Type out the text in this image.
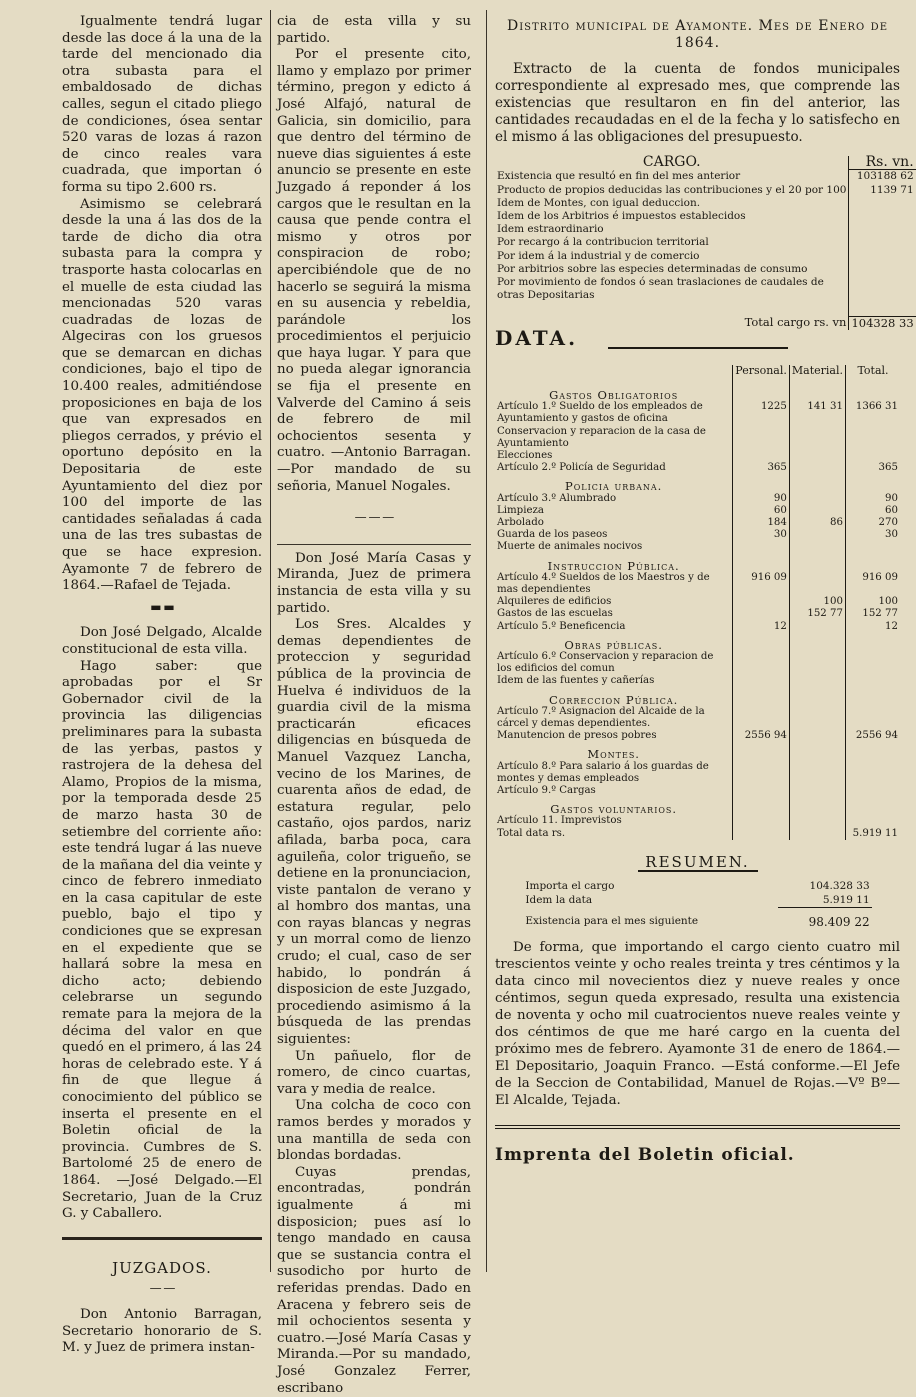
Igualmente tendrá lugar desde las doce á la una de la tarde del mencionado dia otra subasta para el embaldosado de dichas calles, segun el citado pliego de condiciones, ósea sentar 520 varas de lozas á razon de cinco reales vara cuadrada, que importan ó forma su tipo 2.600 rs.

Asimismo se celebrará desde la una á las dos de la tarde de dicho dia otra subasta para la compra y trasporte hasta colocarlas en el muelle de esta ciudad las mencionadas 520 varas cuadradas de lozas de Algeciras con los gruesos que se demarcan en dichas condiciones, bajo el tipo de 10.400 reales, admitiéndose proposiciones en baja de los que van expresados en pliegos cerrados, y prévio el oportuno depósito en la Depositaria de este Ayuntamiento del diez por 100 del importe de las cantidades señaladas á cada una de las tres subastas de que se hace expresion. Ayamonte 7 de febrero de 1864.—Rafael de Tejada.

▬ ▬

Don José Delgado, Alcalde constitucional de esta villa.

Hago saber: que aprobadas por el Sr Gobernador civil de la provincia las diligencias preliminares para la subasta de las yerbas, pastos y rastrojera de la dehesa del Alamo, Propios de la misma, por la temporada desde 25 de marzo hasta 30 de setiembre del corriente año: este tendrá lugar á las nueve de la mañana del dia veinte y cinco de febrero inmediato en la casa capitular de este pueblo, bajo el tipo y condiciones que se expresan en el expediente que se hallará sobre la mesa en dicho acto; debiendo celebrarse un segundo remate para la mejora de la décima del valor en que quedó en el primero, á las 24 horas de celebrado este. Y á fin de que llegue á conocimiento del público se inserta el presente en el Boletin oficial de la provincia. Cumbres de S. Bartolomé 25 de enero de 1864. —José Delgado.—El Secretario, Juan de la Cruz G. y Caballero.

JUZGADOS.

— —

Don Antonio Barragan, Secretario honorario de S. M. y Juez de primera instan-

cia de esta villa y su partido.

Por el presente cito, llamo y emplazo por primer término, pregon y edicto á José Alfajó, natural de Galicia, sin domicilio, para que dentro del término de nueve dias siguientes á este anuncio se presente en este Juzgado á reponder á los cargos que le resultan en la causa que pende contra el mismo y otros por conspiracion de robo; apercibiéndole que de no hacerlo se seguirá la misma en su ausencia y rebeldia, parándole los procedimientos el perjuicio que haya lugar. Y para que no pueda alegar ignorancia se fija el presente en Valverde del Camino á seis de febrero de mil ochocientos sesenta y cuatro. —Antonio Barragan.—Por mandado de su señoria, Manuel Nogales.

— — —

Don José María Casas y Miranda, Juez de primera instancia de esta villa y su partido.

Los Sres. Alcaldes y demas dependientes de proteccion y seguridad pública de la provincia de Huelva é individuos de la guardia civil de la misma practicarán eficaces diligencias en búsqueda de Manuel Vazquez Lancha, vecino de los Marines, de cuarenta años de edad, de estatura regular, pelo castaño, ojos pardos, nariz afilada, barba poca, cara aguileña, color trigueño, se detiene en la pronunciacion, viste pantalon de verano y al hombro dos mantas, una con rayas blancas y negras y un morral como de lienzo crudo; el cual, caso de ser habido, lo pondrán á disposicion de este Juzgado, procediendo asimismo á la búsqueda de las prendas siguientes:

Un pañuelo, flor de romero, de cinco cuartas, vara y media de realce.

Una colcha de coco con ramos berdes y morados y una mantilla de seda con blondas bordadas.

Cuyas prendas, encontradas, pondrán igualmente á mi disposicion; pues así lo tengo mandado en causa que se sustancia contra el susodicho por hurto de referidas prendas. Dado en Aracena y febrero seis de mil ochocientos sesenta y cuatro.—José María Casas y Miranda.—Por su mandado, José Gonzalez Ferrer, escribano

Distrito municipal de Ayamonte. Mes de Enero de 1864.

Extracto de la cuenta de fondos municipales correspondiente al expresado mes, que comprende las existencias que resultaron en fin del anterior, las cantidades recaudadas en el de la fecha y lo satisfecho en el mismo á las obligaciones del presupuesto.

CARGO.	Rs. vn.
Existencia que resultó en fin del mes anterior	103188 62
Producto de propios deducidas las contribuciones y el 20 por 100	1139 71
Idem de Montes, con igual deduccion.	
Idem de los Arbitrios é impuestos establecidos	
Idem estraordinario	
Por recargo á la contribucion territorial	
Por idem á la industrial y de comercio	
Por arbitrios sobre las especies determinadas de consumo	
Por movimiento de fondos ó sean traslaciones de caudales de otras Depositarias	

Total cargo rs. vn	104328 33

DATA.

	Personal.	Material.	Total.
Gastos Obligatorios			
Artículo 1.º Sueldo de los empleados de Ayuntamiento y gastos de oficina	1225	141 31	1366 31
Conservacion y reparacion de la casa de Ayuntamiento			
Elecciones			
Artículo 2.º Policía de Seguridad	365		365
Policia urbana.			
Artículo 3.º Alumbrado	90		90
Limpieza	60		60
Arbolado	184	86	270
Guarda de los paseos	30		30
Muerte de animales nocivos			
Instruccion Pública.			
Artículo 4.º Sueldos de los Maestros y de mas dependientes	916 09		916 09
Alquileres de edificios		100	100
Gastos de las escuelas		152 77	152 77
Artículo 5.º Beneficencia	12		12
Obras públicas.			
Artículo 6.º Conservacion y reparacion de los edificios del comun			
Idem de las fuentes y cañerías			
Correccion Pública.			
Artículo 7.º Asignacion del Alcaide de la cárcel y demas dependientes.			
Manutencion de presos pobres	2556 94		2556 94
Montes.			
Artículo 8.º Para salario á los guardas de montes y demas empleados			
Artículo 9.º Cargas			
Gastos voluntarios.			
Artículo 11. Imprevistos			
Total data rs.			5.919 11

RESUMEN.

Importa el cargo	104.328 33
Idem la data	5.919 11
Existencia para el mes siguiente	98.409 22

De forma, que importando el cargo ciento cuatro mil trescientos veinte y ocho reales treinta y tres céntimos y la data cinco mil novecientos diez y nueve reales y once céntimos, segun queda expresado, resulta una existencia de noventa y ocho mil cuatrocientos nueve reales veinte y dos céntimos de que me haré cargo en la cuenta del próximo mes de febrero. Ayamonte 31 de enero de 1864.—El Depositario, Joaquin Franco. —Está conforme.—El Jefe de la Seccion de Contabilidad, Manuel de Rojas.—Vº Bº—El Alcalde, Tejada.

Imprenta del Boletin oficial.
